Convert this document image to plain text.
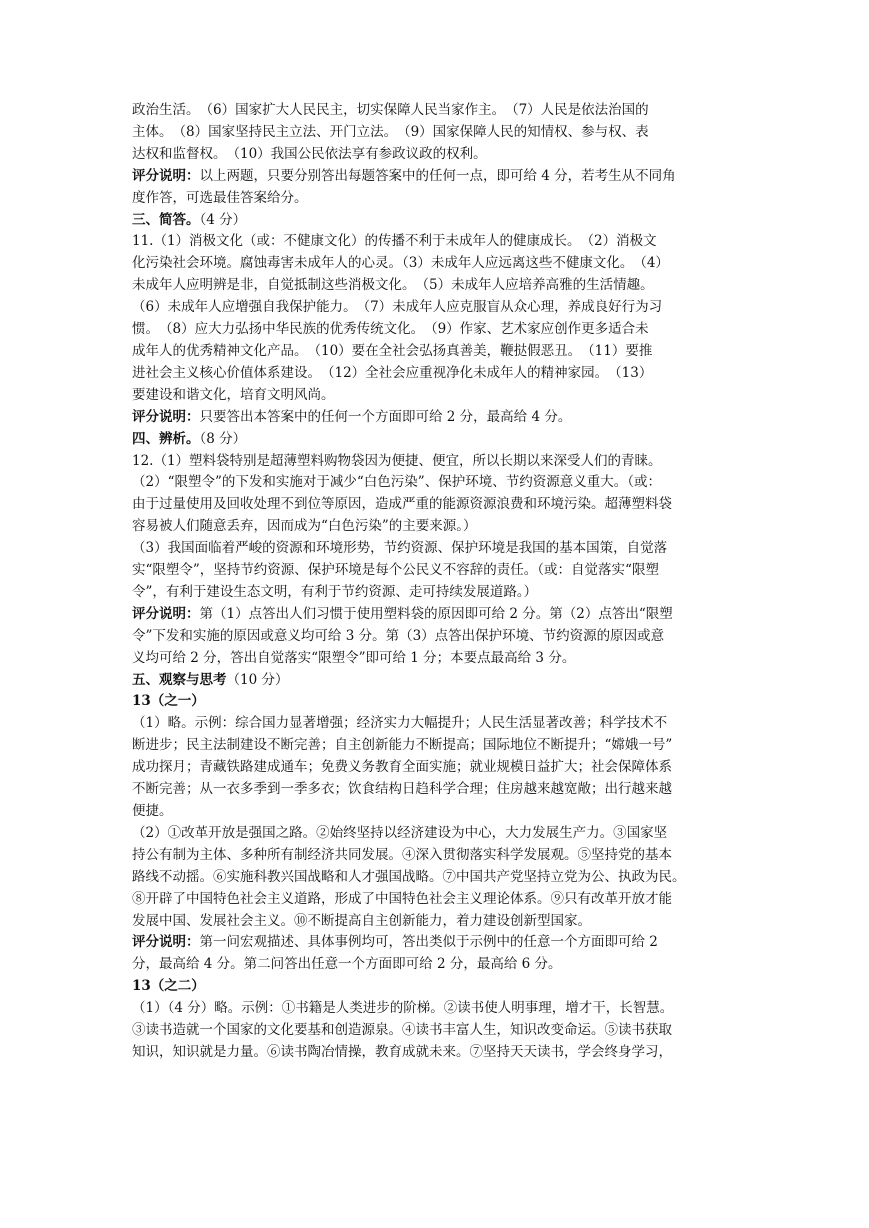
政治生活。　（6）国家扩大人民民主，切实保障人民当家作主。　（7）人民是依法治国的

主体。　（8）国家坚持民主立法、开门立法。　（9）国家保障人民的知情权、参与权、表

达权和监督权。　（10）我国公民依法享有参政议政的权利。

评分说明：以上两题，只要分别答出每题答案中的任何一点，即可给 4 分，若考生从不同角

度作答，可选最佳答案给分。

三、简答。（4 分）

11.（1）消极文化（或：不健康文化）的传播不利于未成年人的健康成长。　（2）消极文

化污染社会环境。腐蚀毒害未成年人的心灵。（3）未成年人应远离这些不健康文化。　（4）

未成年人应明辨是非，自觉抵制这些消极文化。　（5）未成年人应培养高雅的生活情趣。

（6）未成年人应增强自我保护能力。　（7）未成年人应克服盲从众心理，养成良好行为习

惯。　（8）应大力弘扬中华民族的优秀传统文化。　（9）作家、艺术家应创作更多适合未

成年人的优秀精神文化产品。　（10）要在全社会弘扬真善美，鞭挞假恶丑。　（11）要推

进社会主义核心价值体系建设。　（12）全社会应重视净化未成年人的精神家园。　（13）

要建设和谐文化，培育文明风尚。

评分说明：只要答出本答案中的任何一个方面即可给 2 分，最高给 4 分。

四、辨析。（8 分）

12.（1）塑料袋特别是超薄塑料购物袋因为便捷、便宜，所以长期以来深受人们的青睐。

（2）“限塑令”的下发和实施对于减少“白色污染”、保护环境、节约资源意义重大。（或：

由于过量使用及回收处理不到位等原因，造成严重的能源资源浪费和环境污染。超薄塑料袋

容易被人们随意丢弃，因而成为“白色污染”的主要来源。）

（3）我国面临着严峻的资源和环境形势，节约资源、保护环境是我国的基本国策，自觉落

实“限塑令”，坚持节约资源、保护环境是每个公民义不容辞的责任。（或：自觉落实“限塑

令”，有利于建设生态文明，有利于节约资源、走可持续发展道路。）

评分说明：第（1）点答出人们习惯于使用塑料袋的原因即可给 2 分。第（2）点答出“限塑

令”下发和实施的原因或意义均可给 3 分。第（3）点答出保护环境、节约资源的原因或意

义均可给 2 分，答出自觉落实“限塑令”即可给 1 分；本要点最高给 3 分。

五、观察与思考（10 分）

13（之一）

（1）略。示例：综合国力显著增强；经济实力大幅提升；人民生活显著改善；科学技术不

断进步；民主法制建设不断完善；自主创新能力不断提高；国际地位不断提升；“嫦娥一号”

成功探月；青藏铁路建成通车；免费义务教育全面实施；就业规模日益扩大；社会保障体系

不断完善；从一衣多季到一季多衣；饮食结构日趋科学合理；住房越来越宽敞；出行越来越

便捷。

（2）①改革开放是强国之路。②始终坚持以经济建设为中心，大力发展生产力。③国家坚

持公有制为主体、多种所有制经济共同发展。④深入贯彻落实科学发展观。⑤坚持党的基本

路线不动摇。⑥实施科教兴国战略和人才强国战略。⑦中国共产党坚持立党为公、执政为民。

⑧开辟了中国特色社会主义道路，形成了中国特色社会主义理论体系。⑨只有改革开放才能

发展中国、发展社会主义。⑩不断提高自主创新能力，着力建设创新型国家。

评分说明：第一问宏观描述、具体事例均可，答出类似于示例中的任意一个方面即可给 2

分，最高给 4 分。第二问答出任意一个方面即可给 2 分，最高给 6 分。

13（之二）

（1）（4 分）略。示例：①书籍是人类进步的阶梯。②读书使人明事理，增才干，长智慧。

③读书造就一个国家的文化要基和创造源泉。④读书丰富人生，知识改变命运。⑤读书获取

知识，知识就是力量。⑥读书陶冶情操，教育成就未来。⑦坚持天天读书，学会终身学习，
